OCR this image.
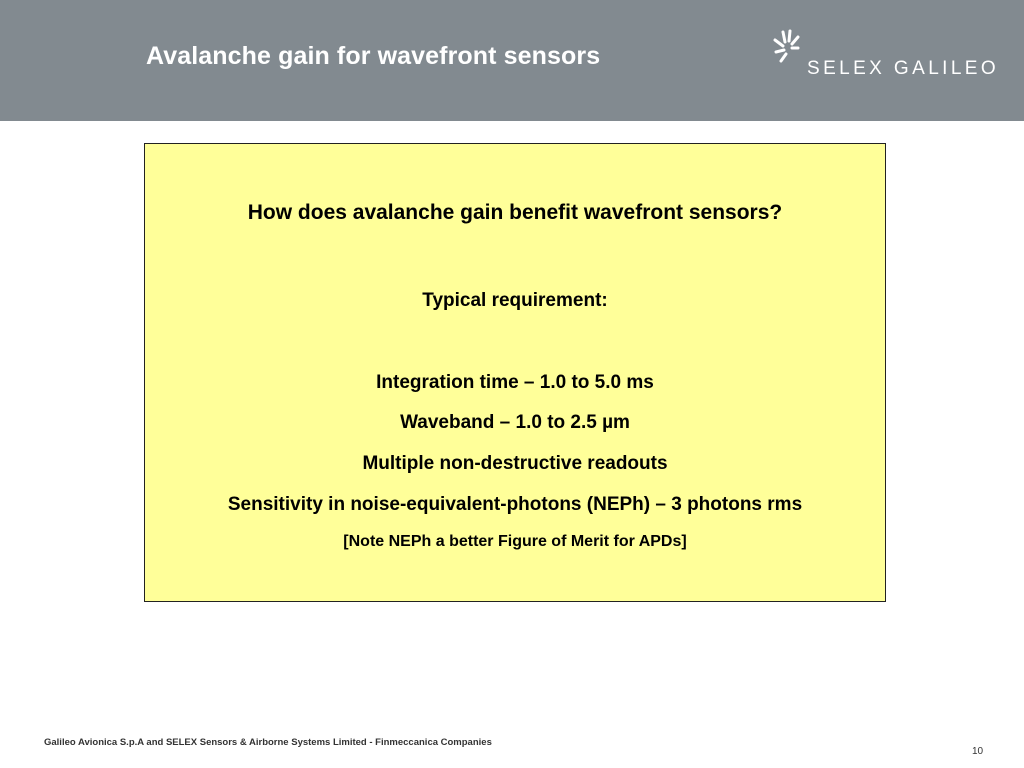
Avalanche gain for wavefront sensors	SELEX GALILEO
How does avalanche gain benefit wavefront sensors?
Typical requirement:
Integration time – 1.0 to 5.0 ms
Waveband – 1.0 to 2.5 µm
Multiple non-destructive readouts
Sensitivity in noise-equivalent-photons (NEPh) – 3 photons rms
[Note NEPh a better Figure of Merit for APDs]
Galileo Avionica S.p.A and SELEX Sensors & Airborne Systems Limited - Finmeccanica Companies
10
